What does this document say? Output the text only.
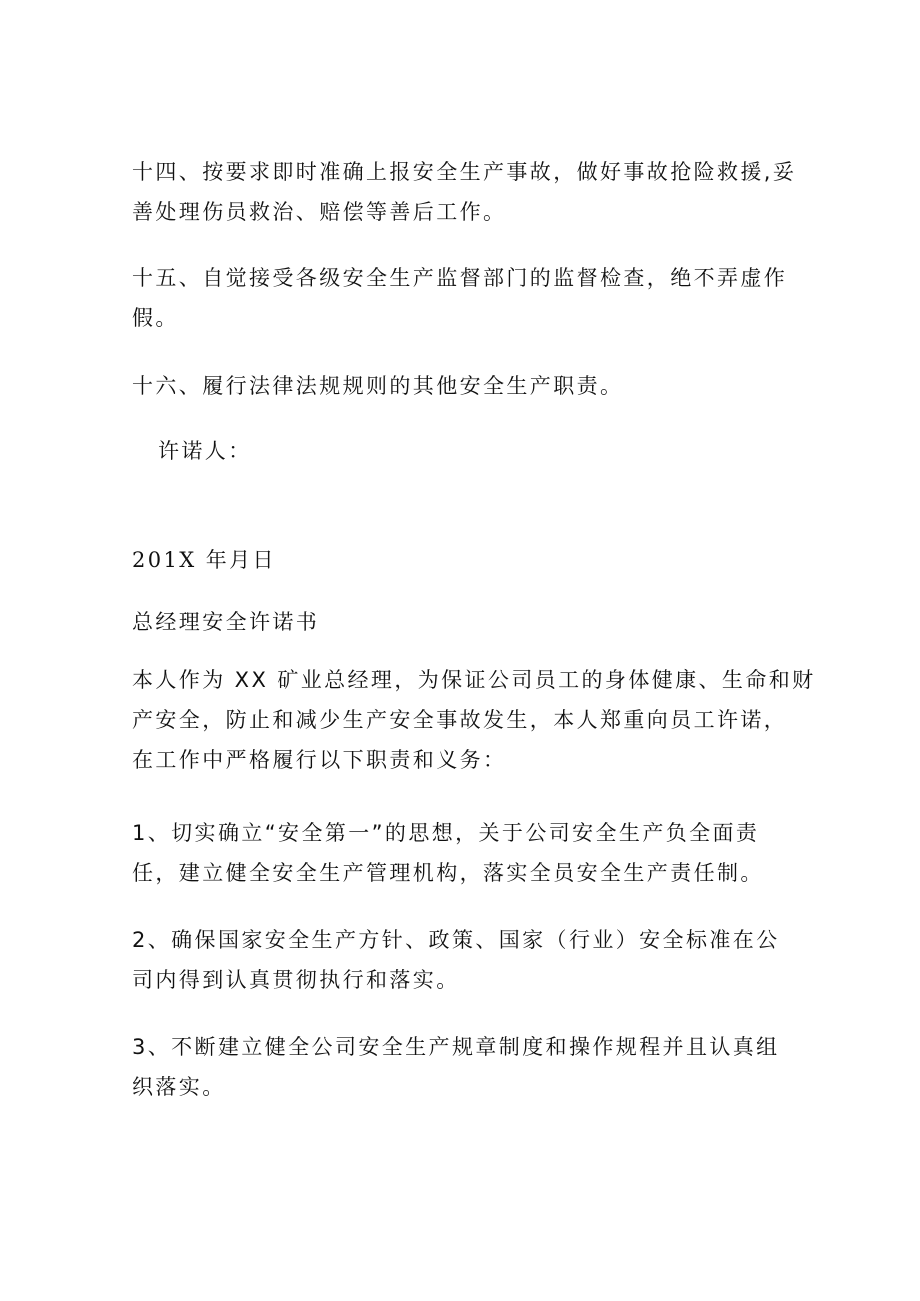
十四、按要求即时准确上报安全生产事故，做好事故抢险救援,妥
善处理伤员救治、赔偿等善后工作。

十五、自觉接受各级安全生产监督部门的监督检查，绝不弄虚作
假。

十六、履行法律法规规则的其他安全生产职责。

许诺人：

201X 年月日

总经理安全许诺书

本人作为 XX 矿业总经理，为保证公司员工的身体健康、生命和财
产安全，防止和减少生产安全事故发生，本人郑重向员工许诺，
在工作中严格履行以下职责和义务：

1、切实确立“安全第一”的思想，关于公司安全生产负全面责
任，建立健全安全生产管理机构，落实全员安全生产责任制。

2、确保国家安全生产方针、政策、国家（行业）安全标准在公
司内得到认真贯彻执行和落实。

3、不断建立健全公司安全生产规章制度和操作规程并且认真组
织落实。
